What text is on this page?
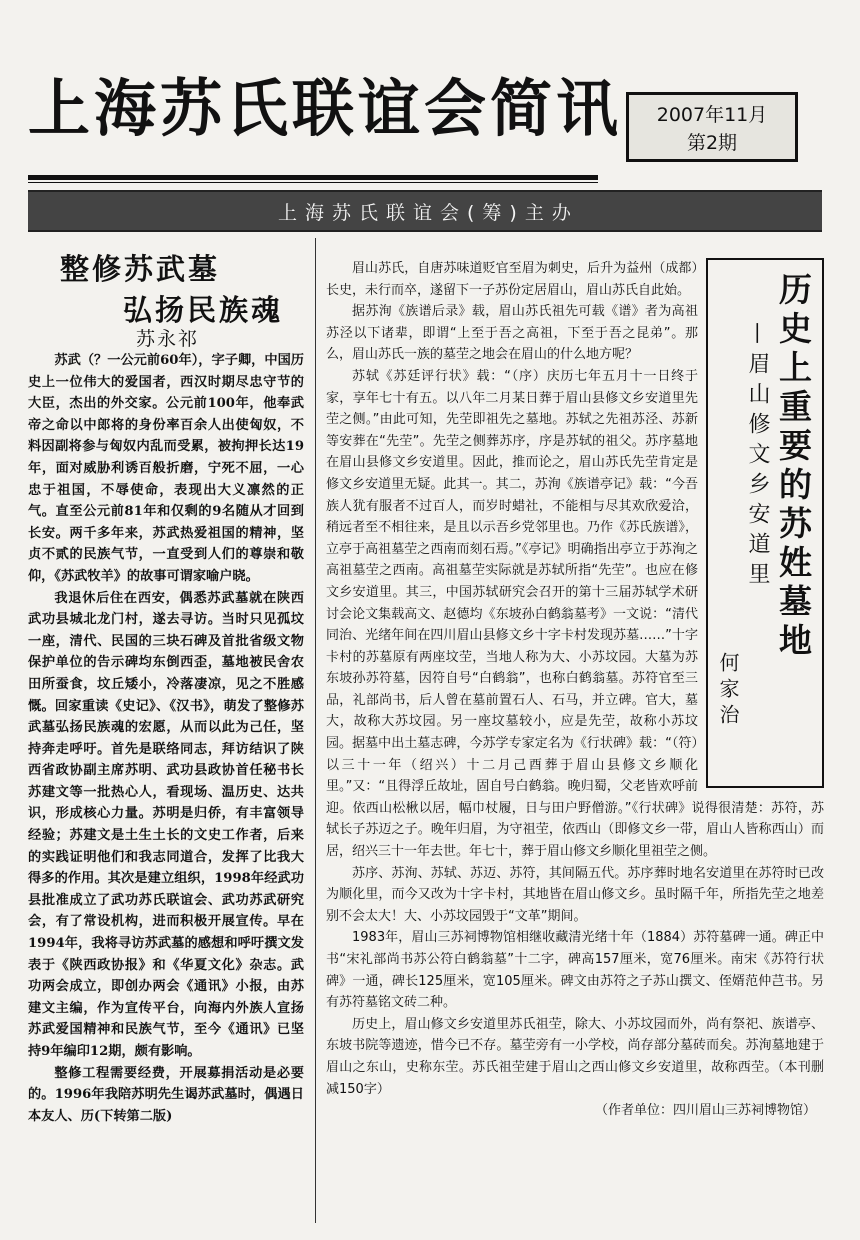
上海苏氏联谊会简讯	2007年11月
第2期
上海苏氏联谊会(筹)主办
整修苏武墓
弘扬民族魂
苏永祁

苏武（？一公元前60年），字子卿，中国历史上一位伟大的爱国者，西汉时期尽忠守节的大臣，杰出的外交家。公元前100年，他奉武帝之命以中郎将的身份率百余人出使匈奴，不料因副将参与匈奴内乱而受累，被拘押长达19年，面对威胁利诱百般折磨，宁死不屈，一心忠于祖国，不辱使命，表现出大义凛然的正气。直至公元前81年和仅剩的9名随从才回到长安。两千多年来，苏武热爱祖国的精神，坚贞不贰的民族气节，一直受到人们的尊崇和敬仰，《苏武牧羊》的故事可谓家喻户晓。

我退休后住在西安，偶悉苏武墓就在陕西武功县城北龙门村，遂去寻访。当时只见孤坟一座，清代、民国的三块石碑及首批省级文物保护单位的告示碑均东倒西歪，墓地被民舍农田所蚕食，坟丘矮小，冷落凄凉，见之不胜感慨。回家重读《史记》、《汉书》，萌发了整修苏武墓弘扬民族魂的宏愿，从而以此为己任，坚持奔走呼吁。首先是联络同志，拜访结识了陕西省政协副主席苏明、武功县政协首任秘书长苏建文等一批热心人，看现场、温历史、达共识，形成核心力量。苏明是归侨，有丰富领导经验；苏建文是土生土长的文史工作者，后来的实践证明他们和我志同道合，发挥了比我大得多的作用。其次是建立组织，1998年经武功县批准成立了武功苏氏联谊会、武功苏武研究会，有了常设机构，进而积极开展宣传。早在1994年，我将寻访苏武墓的感想和呼吁撰文发表于《陕西政协报》和《华夏文化》杂志。武功两会成立，即创办两会《通讯》小报，由苏建文主编，作为宣传平台，向海内外族人宣扬苏武爱国精神和民族气节，至今《通讯》已坚持9年编印12期，颇有影响。

整修工程需要经费，开展募捐活动是必要的。1996年我陪苏明先生谒苏武墓时，偶遇日本友人、历(下转第二版)

历史上重要的苏姓墓地
—眉山修文乡安道里
何家治

眉山苏氏，自唐苏味道贬官至眉为刺史，后升为益州（成都）长史，未行而卒，遂留下一子苏份定居眉山，眉山苏氏自此始。

据苏洵《族谱后录》载，眉山苏氏祖先可载《谱》者为高祖苏泾以下诸辈，即谓“上至于吾之高祖，下至于吾之昆弟”。那么，眉山苏氏一族的墓茔之地会在眉山的什么地方呢？

苏轼《苏廷评行状》载：“（序）庆历七年五月十一日终于家，享年七十有五。以八年二月某日葬于眉山县修文乡安道里先茔之侧。”由此可知，先茔即祖先之墓地。苏轼之先祖苏泾、苏新等安葬在“先茔”。先茔之侧葬苏序，序是苏轼的祖父。苏序墓地在眉山县修文乡安道里。因此，推而论之，眉山苏氏先茔肯定是修文乡安道里无疑。此其一。其二，苏洵《族谱亭记》载：“今吾族人犹有服者不过百人，而岁时蜡社，不能相与尽其欢欣爱洽，稍远者至不相往来，是且以示吾乡党邻里也。乃作《苏氏族谱》，立亭于高祖墓茔之西南而刻石焉。”《亭记》明确指出亭立于苏洵之高祖墓茔之西南。高祖墓茔实际就是苏轼所指“先茔”。也应在修文乡安道里。其三，中国苏轼研究会召开的第十三届苏轼学术研讨会论文集载高文、赵德均《东坡孙白鹤翁墓考》一文说：“清代同治、光绪年间在四川眉山县修文乡十字卡村发现苏墓……”十字卡村的苏墓原有两座坟茔，当地人称为大、小苏坟园。大墓为苏东坡孙苏符墓，因符自号“白鹤翁”，也称白鹤翁墓。苏符官至三品，礼部尚书，后人曾在墓前置石人、石马，并立碑。官大，墓大，故称大苏坟园。另一座坟墓较小，应是先茔，故称小苏坟园。据墓中出土墓志碑，今苏学专家定名为《行状碑》载：“（符）以三十一年（绍兴）十二月己酉葬于眉山县修文乡顺化里。”又：“且得浮丘故址，固自号白鹤翁。晚归蜀，父老皆欢呼前迎。依西山松楸以居，幅巾杖履，日与田户野僧游。”《行状碑》说得很清楚：苏符，苏轼长子苏迈之子。晚年归眉，为守祖茔，依西山（即修文乡一带，眉山人皆称西山）而居，绍兴三十一年去世。年七十，葬于眉山修文乡顺化里祖茔之侧。

苏序、苏洵、苏轼、苏迈、苏符，其间隔五代。苏序葬时地名安道里在苏符时已改为顺化里，而今又改为十字卡村，其地皆在眉山修文乡。虽时隔千年，所指先茔之地差别不会太大！大、小苏坟园毁于“文革”期间。

1983年，眉山三苏祠博物馆相继收藏清光绪十年（1884）苏符墓碑一通。碑正中书“宋礼部尚书苏公符白鹤翁墓”十二字，碑高157厘米，宽76厘米。南宋《苏符行状碑》一通，碑长125厘米，宽105厘米。碑文由苏符之子苏山撰文、侄婿范仲芑书。另有苏符墓铭文砖二种。

历史上，眉山修文乡安道里苏氏祖茔，除大、小苏坟园而外，尚有祭祀、族谱亭、东坡书院等遗迹，惜今已不存。墓茔旁有一小学校，尚存部分墓砖而矣。苏洵墓地建于眉山之东山，史称东茔。苏氏祖茔建于眉山之西山修文乡安道里，故称西茔。（本刊删减150字）

（作者单位：四川眉山三苏祠博物馆）
